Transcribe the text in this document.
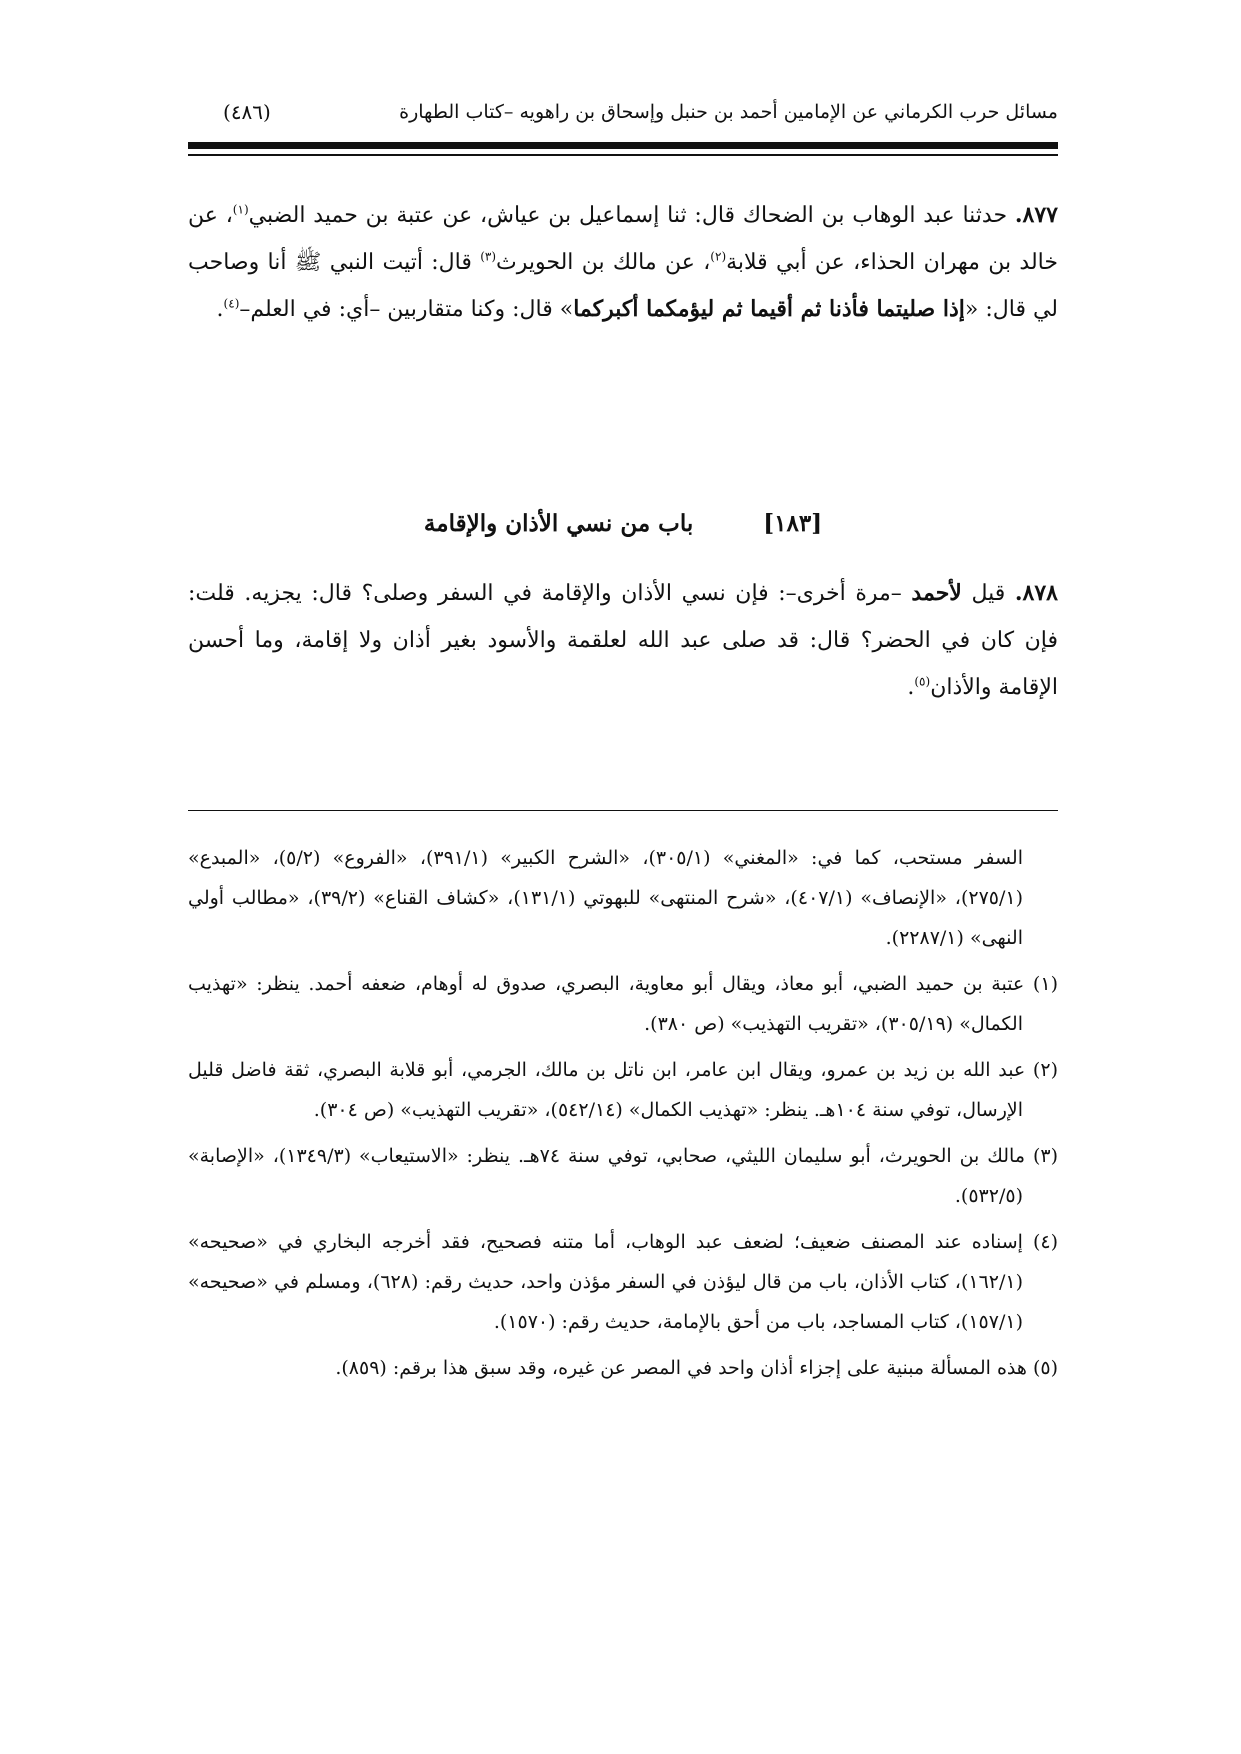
مسائل حرب الكرماني عن الإمامين أحمد بن حنبل وإسحاق بن راهويه –كتاب الطهارة
(٤٨٦)

٨٧٧. حدثنا عبد الوهاب بن الضحاك قال: ثنا إسماعيل بن عياش، عن عتبة بن حميد الضبي$^{(١)}$، عن خالد بن مهران الحذاء، عن أبي قلابة$^{(٢)}$، عن مالك بن الحويرث$^{(٣)}$ قال: أتيت النبي ﷺ أنا وصاحب لي قال: «إذا صليتما فأذنا ثم أقيما ثم ليؤمكما أكبركما» قال: وكنا متقاربين –أي: في العلم–$^{(٤)}$.

[١٨٣]
باب من نسي الأذان والإقامة

٨٧٨. قيل لأحمد –مرة أخرى–: فإن نسي الأذان والإقامة في السفر وصلى؟ قال: يجزيه. قلت: فإن كان في الحضر؟ قال: قد صلى عبد الله لعلقمة والأسود بغير أذان ولا إقامة، وما أحسن الإقامة والأذان$^{(٥)}$.

السفر مستحب، كما في: «المغني» (٣٠٥/١)، «الشرح الكبير» (٣٩١/١)، «الفروع» (٥/٢)، «المبدع» (٢٧٥/١)، «الإنصاف» (٤٠٧/١)، «شرح المنتهى» للبهوتي (١٣١/١)، «كشاف القناع» (٣٩/٢)، «مطالب أولي النهى» (٢٢٨٧/١).

(١) عتبة بن حميد الضبي، أبو معاذ، ويقال أبو معاوية، البصري، صدوق له أوهام، ضعفه أحمد. ينظر: «تهذيب الكمال» (٣٠٥/١٩)، «تقريب التهذيب» (ص ٣٨٠).

(٢) عبد الله بن زيد بن عمرو، ويقال ابن عامر، ابن ناتل بن مالك، الجرمي، أبو قلابة البصري، ثقة فاضل قليل الإرسال، توفي سنة ١٠٤هـ. ينظر: «تهذيب الكمال» (٥٤٢/١٤)، «تقريب التهذيب» (ص ٣٠٤).

(٣) مالك بن الحويرث، أبو سليمان الليثي، صحابي، توفي سنة ٧٤هـ. ينظر: «الاستيعاب» (١٣٤٩/٣)، «الإصابة» (٥٣٢/٥).

(٤) إسناده عند المصنف ضعيف؛ لضعف عبد الوهاب، أما متنه فصحيح، فقد أخرجه البخاري في «صحيحه» (١٦٢/١)، كتاب الأذان، باب من قال ليؤذن في السفر مؤذن واحد، حديث رقم: (٦٢٨)، ومسلم في «صحيحه» (١٥٧/١)، كتاب المساجد، باب من أحق بالإمامة، حديث رقم: (١٥٧٠).

(٥) هذه المسألة مبنية على إجزاء أذان واحد في المصر عن غيره، وقد سبق هذا برقم: (٨٥٩).
